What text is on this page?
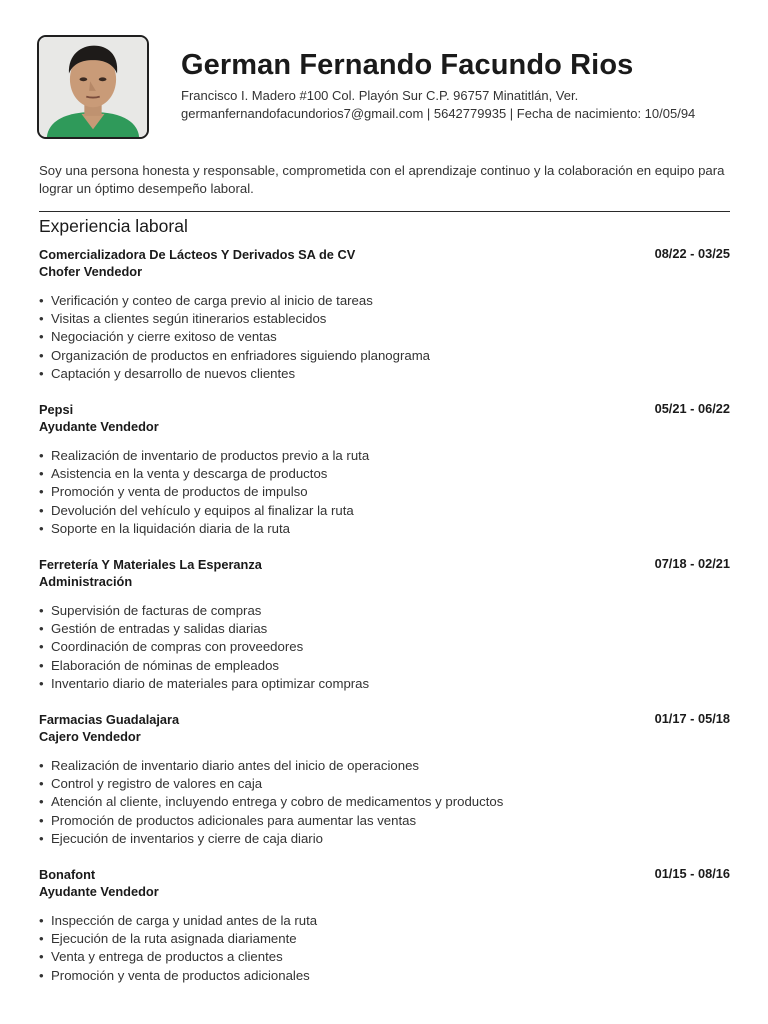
German Fernando Facundo Rios
Francisco I. Madero #100 Col. Playón Sur C.P. 96757 Minatitlán, Ver.
germanfernandofacundorios7@gmail.com | 5642779935 | Fecha de nacimiento: 10/05/94

Soy una persona honesta y responsable, comprometida con el aprendizaje continuo y la colaboración en equipo para lograr un óptimo desempeño laboral.

Experiencia laboral
Comercializadora De Lácteos Y Derivados SA de CV	08/22 - 03/25
Chofer Vendedor
• Verificación y conteo de carga previo al inicio de tareas
• Visitas a clientes según itinerarios establecidos
• Negociación y cierre exitoso de ventas
• Organización de productos en enfriadores siguiendo planograma
• Captación y desarrollo de nuevos clientes
Pepsi	05/21 - 06/22
Ayudante Vendedor
• Realización de inventario de productos previo a la ruta
• Asistencia en la venta y descarga de productos
• Promoción y venta de productos de impulso
• Devolución del vehículo y equipos al finalizar la ruta
• Soporte en la liquidación diaria de la ruta
Ferretería Y Materiales La Esperanza	07/18 - 02/21
Administración
• Supervisión de facturas de compras
• Gestión de entradas y salidas diarias
• Coordinación de compras con proveedores
• Elaboración de nóminas de empleados
• Inventario diario de materiales para optimizar compras
Farmacias Guadalajara	01/17 - 05/18
Cajero Vendedor
• Realización de inventario diario antes del inicio de operaciones
• Control y registro de valores en caja
• Atención al cliente, incluyendo entrega y cobro de medicamentos y productos
• Promoción de productos adicionales para aumentar las ventas
• Ejecución de inventarios y cierre de caja diario
Bonafont	01/15 - 08/16
Ayudante Vendedor
• Inspección de carga y unidad antes de la ruta
• Ejecución de la ruta asignada diariamente
• Venta y entrega de productos a clientes
• Promoción y venta de productos adicionales
